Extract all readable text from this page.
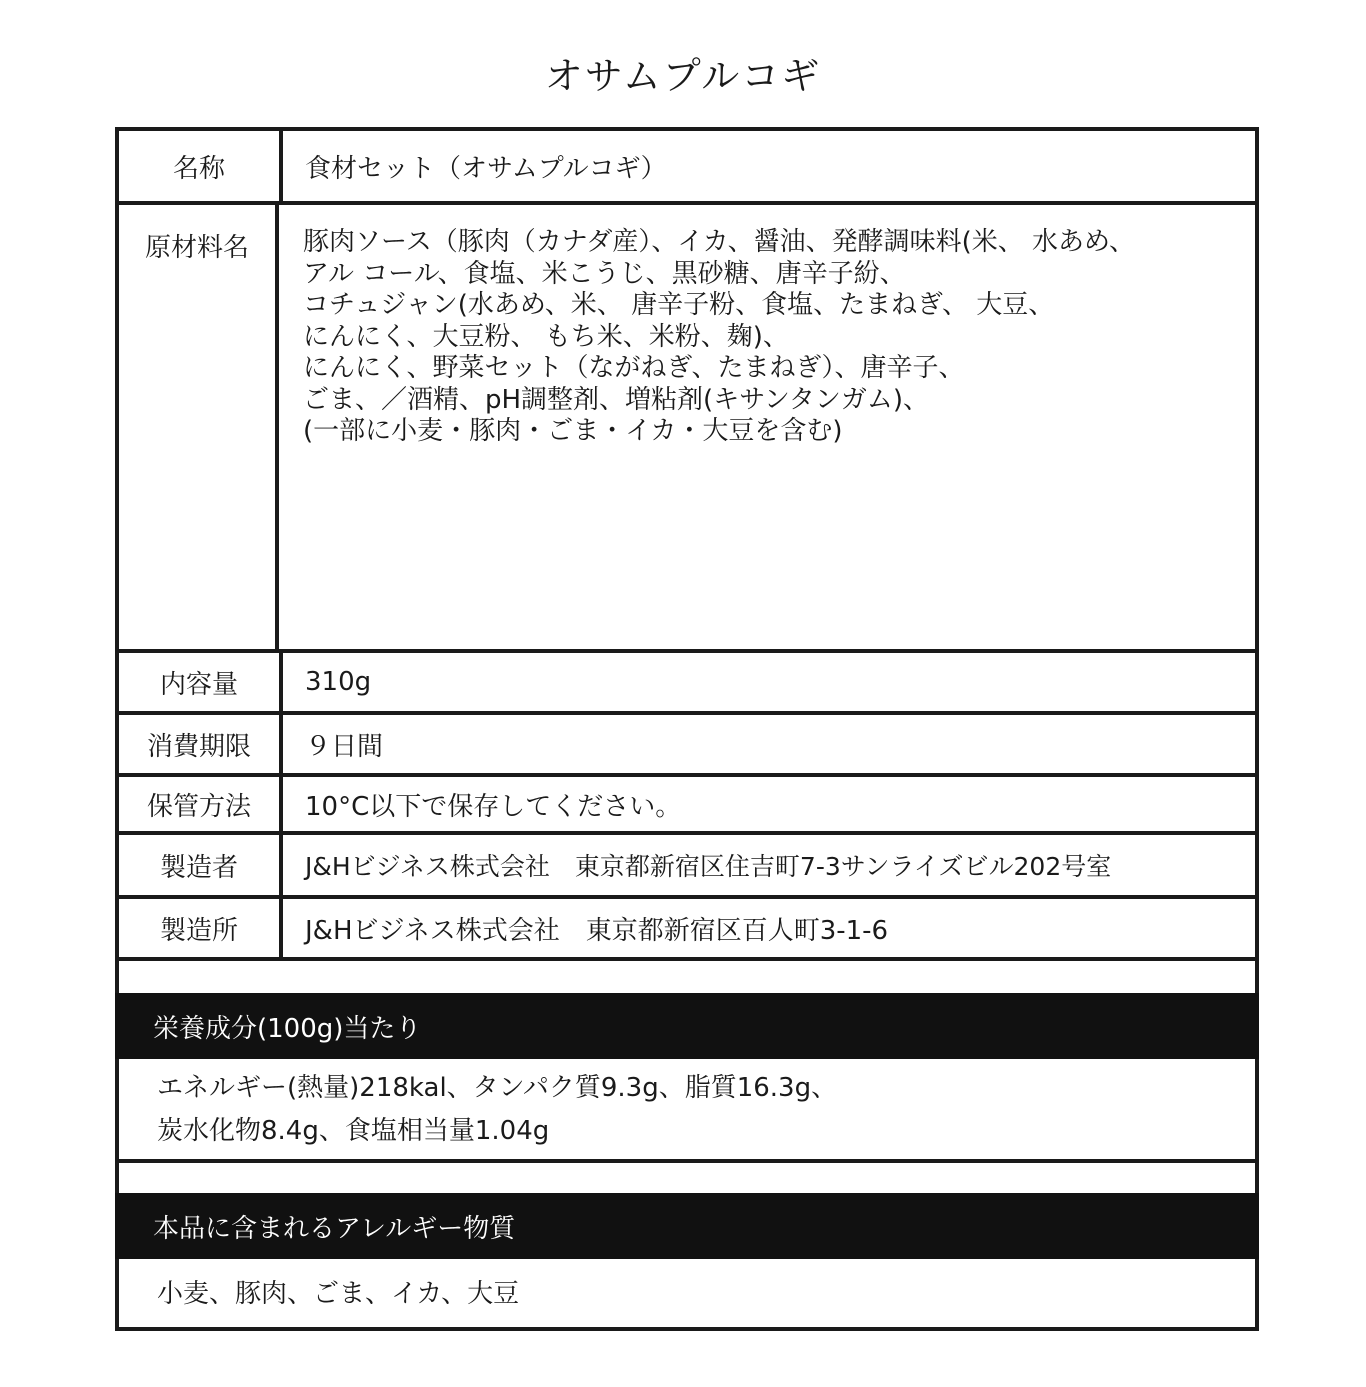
オサムプルコギ
名称	食材セット（オサムプルコギ）
原材料名 豚肉ソース（豚肉（カナダ産）、イカ、醤油、発酵調味料(米、 水あめ、
アル コール、食塩、米こうじ、黒砂糖、唐辛子紛、
コチュジャン(水あめ、米、 唐辛子粉、食塩、たまねぎ、 大豆、
にんにく、大豆粉、 もち米、米粉、麹)、
にんにく、野菜セット（ながねぎ、たまねぎ）、唐辛子、
ごま、／酒精、pH調整剤、増粘剤(キサンタンガム)、
(一部に小麦・豚肉・ごま・イカ・大豆を含む)
内容量	310g
消費期限	９日間
保管方法	10°C以下で保存してください。
製造者	J&Hビジネス株式会社　東京都新宿区住吉町7-3サンライズビル202号室
製造所	J&Hビジネス株式会社　東京都新宿区百人町3-1-6
栄養成分(100g)当たり
エネルギー(熱量)218kal、タンパク質9.3g、脂質16.3g、
炭水化物8.4g、食塩相当量1.04g
本品に含まれるアレルギー物質
小麦、豚肉、ごま、イカ、大豆
